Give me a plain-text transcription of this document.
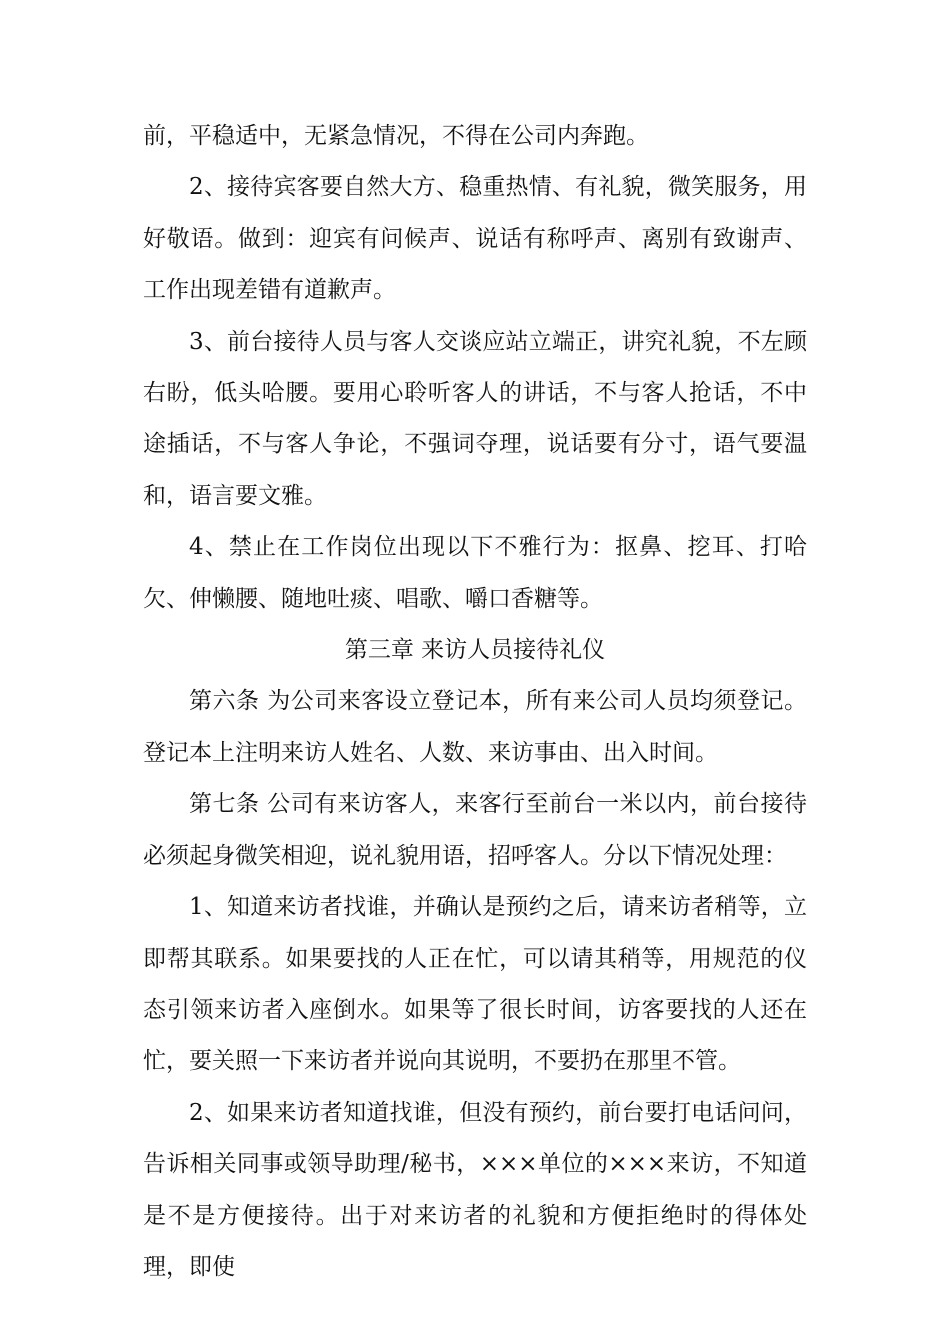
前，平稳适中，无紧急情况，不得在公司内奔跑。

2、接待宾客要自然大方、稳重热情、有礼貌，微笑服务，用好敬语。做到：迎宾有问候声、说话有称呼声、离别有致谢声、工作出现差错有道歉声。

3、前台接待人员与客人交谈应站立端正，讲究礼貌，不左顾右盼，低头哈腰。要用心聆听客人的讲话，不与客人抢话，不中途插话，不与客人争论，不强词夺理，说话要有分寸，语气要温和，语言要文雅。

4、禁止在工作岗位出现以下不雅行为：抠鼻、挖耳、打哈欠、伸懒腰、随地吐痰、唱歌、嚼口香糖等。

第三章 来访人员接待礼仪

第六条 为公司来客设立登记本，所有来公司人员均须登记。登记本上注明来访人姓名、人数、来访事由、出入时间。

第七条 公司有来访客人，来客行至前台一米以内，前台接待必须起身微笑相迎，说礼貌用语，招呼客人。分以下情况处理：

1、知道来访者找谁，并确认是预约之后，请来访者稍等，立即帮其联系。如果要找的人正在忙，可以请其稍等，用规范的仪态引领来访者入座倒水。如果等了很长时间，访客要找的人还在忙，要关照一下来访者并说向其说明，不要扔在那里不管。

2、如果来访者知道找谁，但没有预约，前台要打电话问问，告诉相关同事或领导助理/秘书，×××单位的×××来访，不知道是不是方便接待。出于对来访者的礼貌和方便拒绝时的得体处理，即使
